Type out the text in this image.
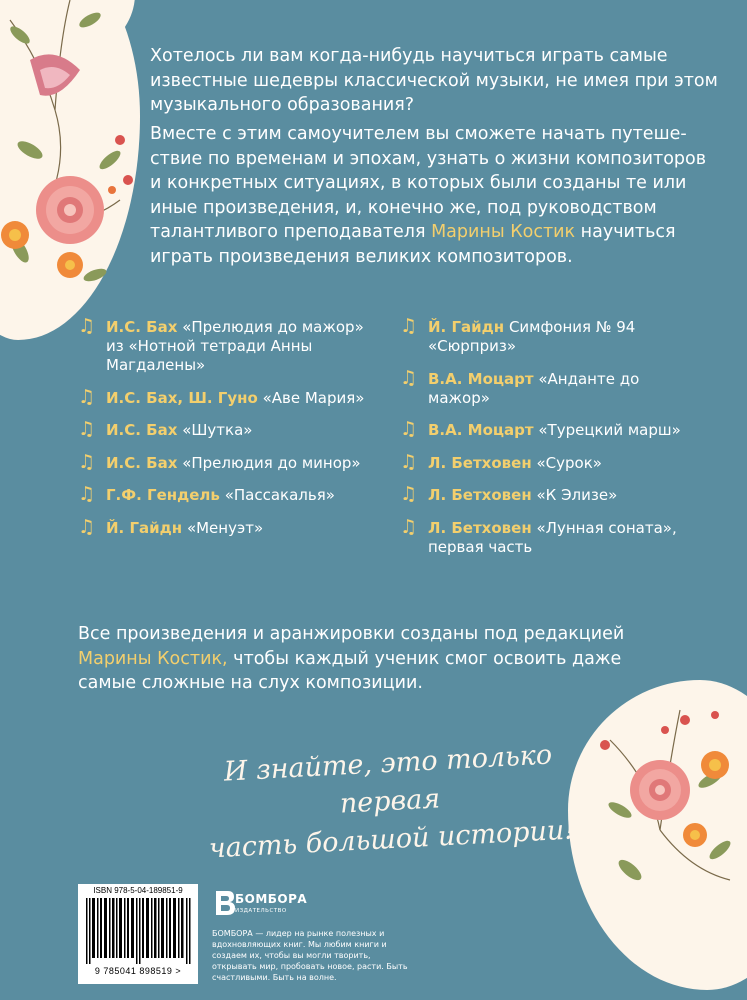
Хотелось ли вам когда-нибудь научиться играть самые известные шедевры классической музыки, не имея при этом музыкального образования?
Вместе с этим самоучителем вы сможете начать путеше-ствие по временам и эпохам, узнать о жизни композиторов и конкретных ситуациях, в которых были созданы те или иные произведения, и, конечно же, под руководством талантливого преподавателя Марины Костик научиться играть произведения великих композиторов.
♫ И.С. Бах «Прелюдия до мажор» из «Нотной тетради Анны Магдалены»
♫ И.С. Бах, Ш. Гуно «Аве Мария»
♫ И.С. Бах «Шутка»
♫ И.С. Бах «Прелюдия до минор»
♫ Г.Ф. Гендель «Пассакалья»
♫ Й. Гайдн «Менуэт»
♫ Й. Гайдн Симфония № 94 «Сюрприз»
♫ В.А. Моцарт «Анданте до мажор»
♫ В.А. Моцарт «Турецкий марш»
♫ Л. Бетховен «Сурок»
♫ Л. Бетховен «К Элизе»
♫ Л. Бетховен «Лунная соната», первая часть
Все произведения и аранжировки созданы под редакцией Марины Костик, чтобы каждый ученик смог освоить даже самые сложные на слух композиции.
И знайте, это только первая
часть большой истории!
ISBN 978-5-04-189851-9
9 785041 898519 >
БОМБОРА
ИЗДАТЕЛЬСТВО
БОМБОРА — лидер на рынке полезных и вдохновляющих книг. Мы любим книги и создаем их, чтобы вы могли творить, открывать мир, пробовать новое, расти. Быть счастливыми. Быть на волне.
